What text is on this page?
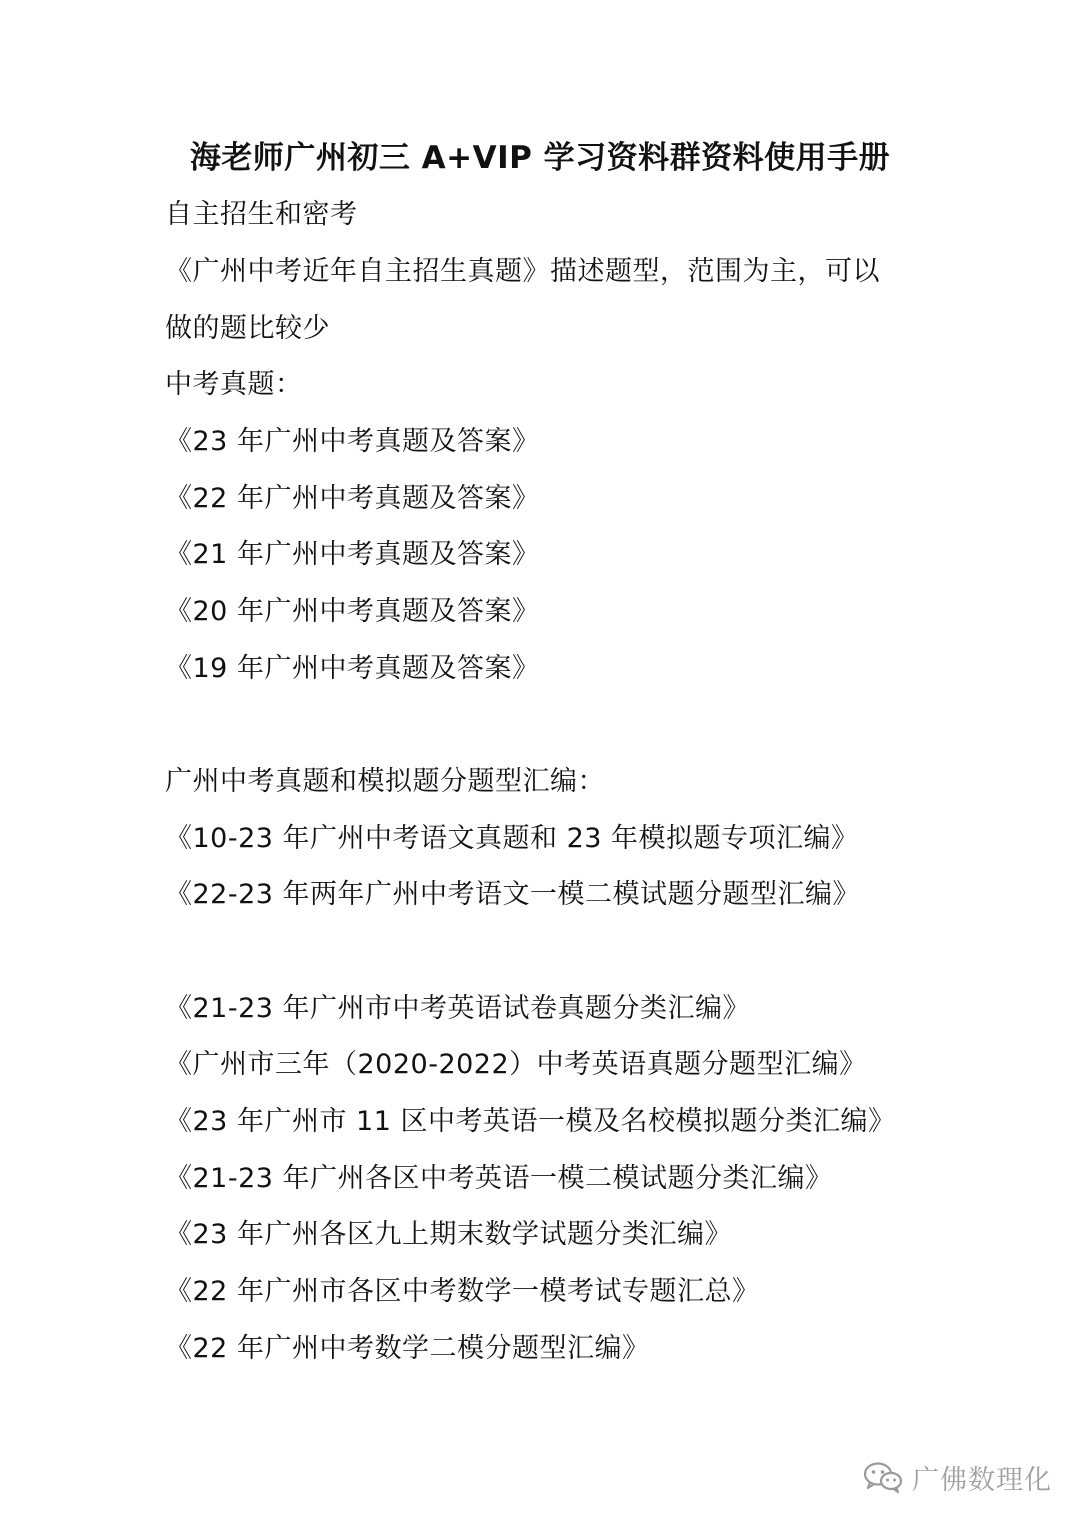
海老师广州初三 A+VIP 学习资料群资料使用手册
自主招生和密考
《广州中考近年自主招生真题》描述题型，范围为主，可以
做的题比较少
中考真题：
《23 年广州中考真题及答案》
《22 年广州中考真题及答案》
《21 年广州中考真题及答案》
《20 年广州中考真题及答案》
《19 年广州中考真题及答案》
广州中考真题和模拟题分题型汇编：
《10-23 年广州中考语文真题和 23 年模拟题专项汇编》
《22-23 年两年广州中考语文一模二模试题分题型汇编》
《21-23 年广州市中考英语试卷真题分类汇编》
《广州市三年（2020-2022）中考英语真题分题型汇编》
《23 年广州市 11 区中考英语一模及名校模拟题分类汇编》
《21-23 年广州各区中考英语一模二模试题分类汇编》
《23 年广州各区九上期末数学试题分类汇编》
《22 年广州市各区中考数学一模考试专题汇总》
《22 年广州中考数学二模分题型汇编》
广佛数理化
